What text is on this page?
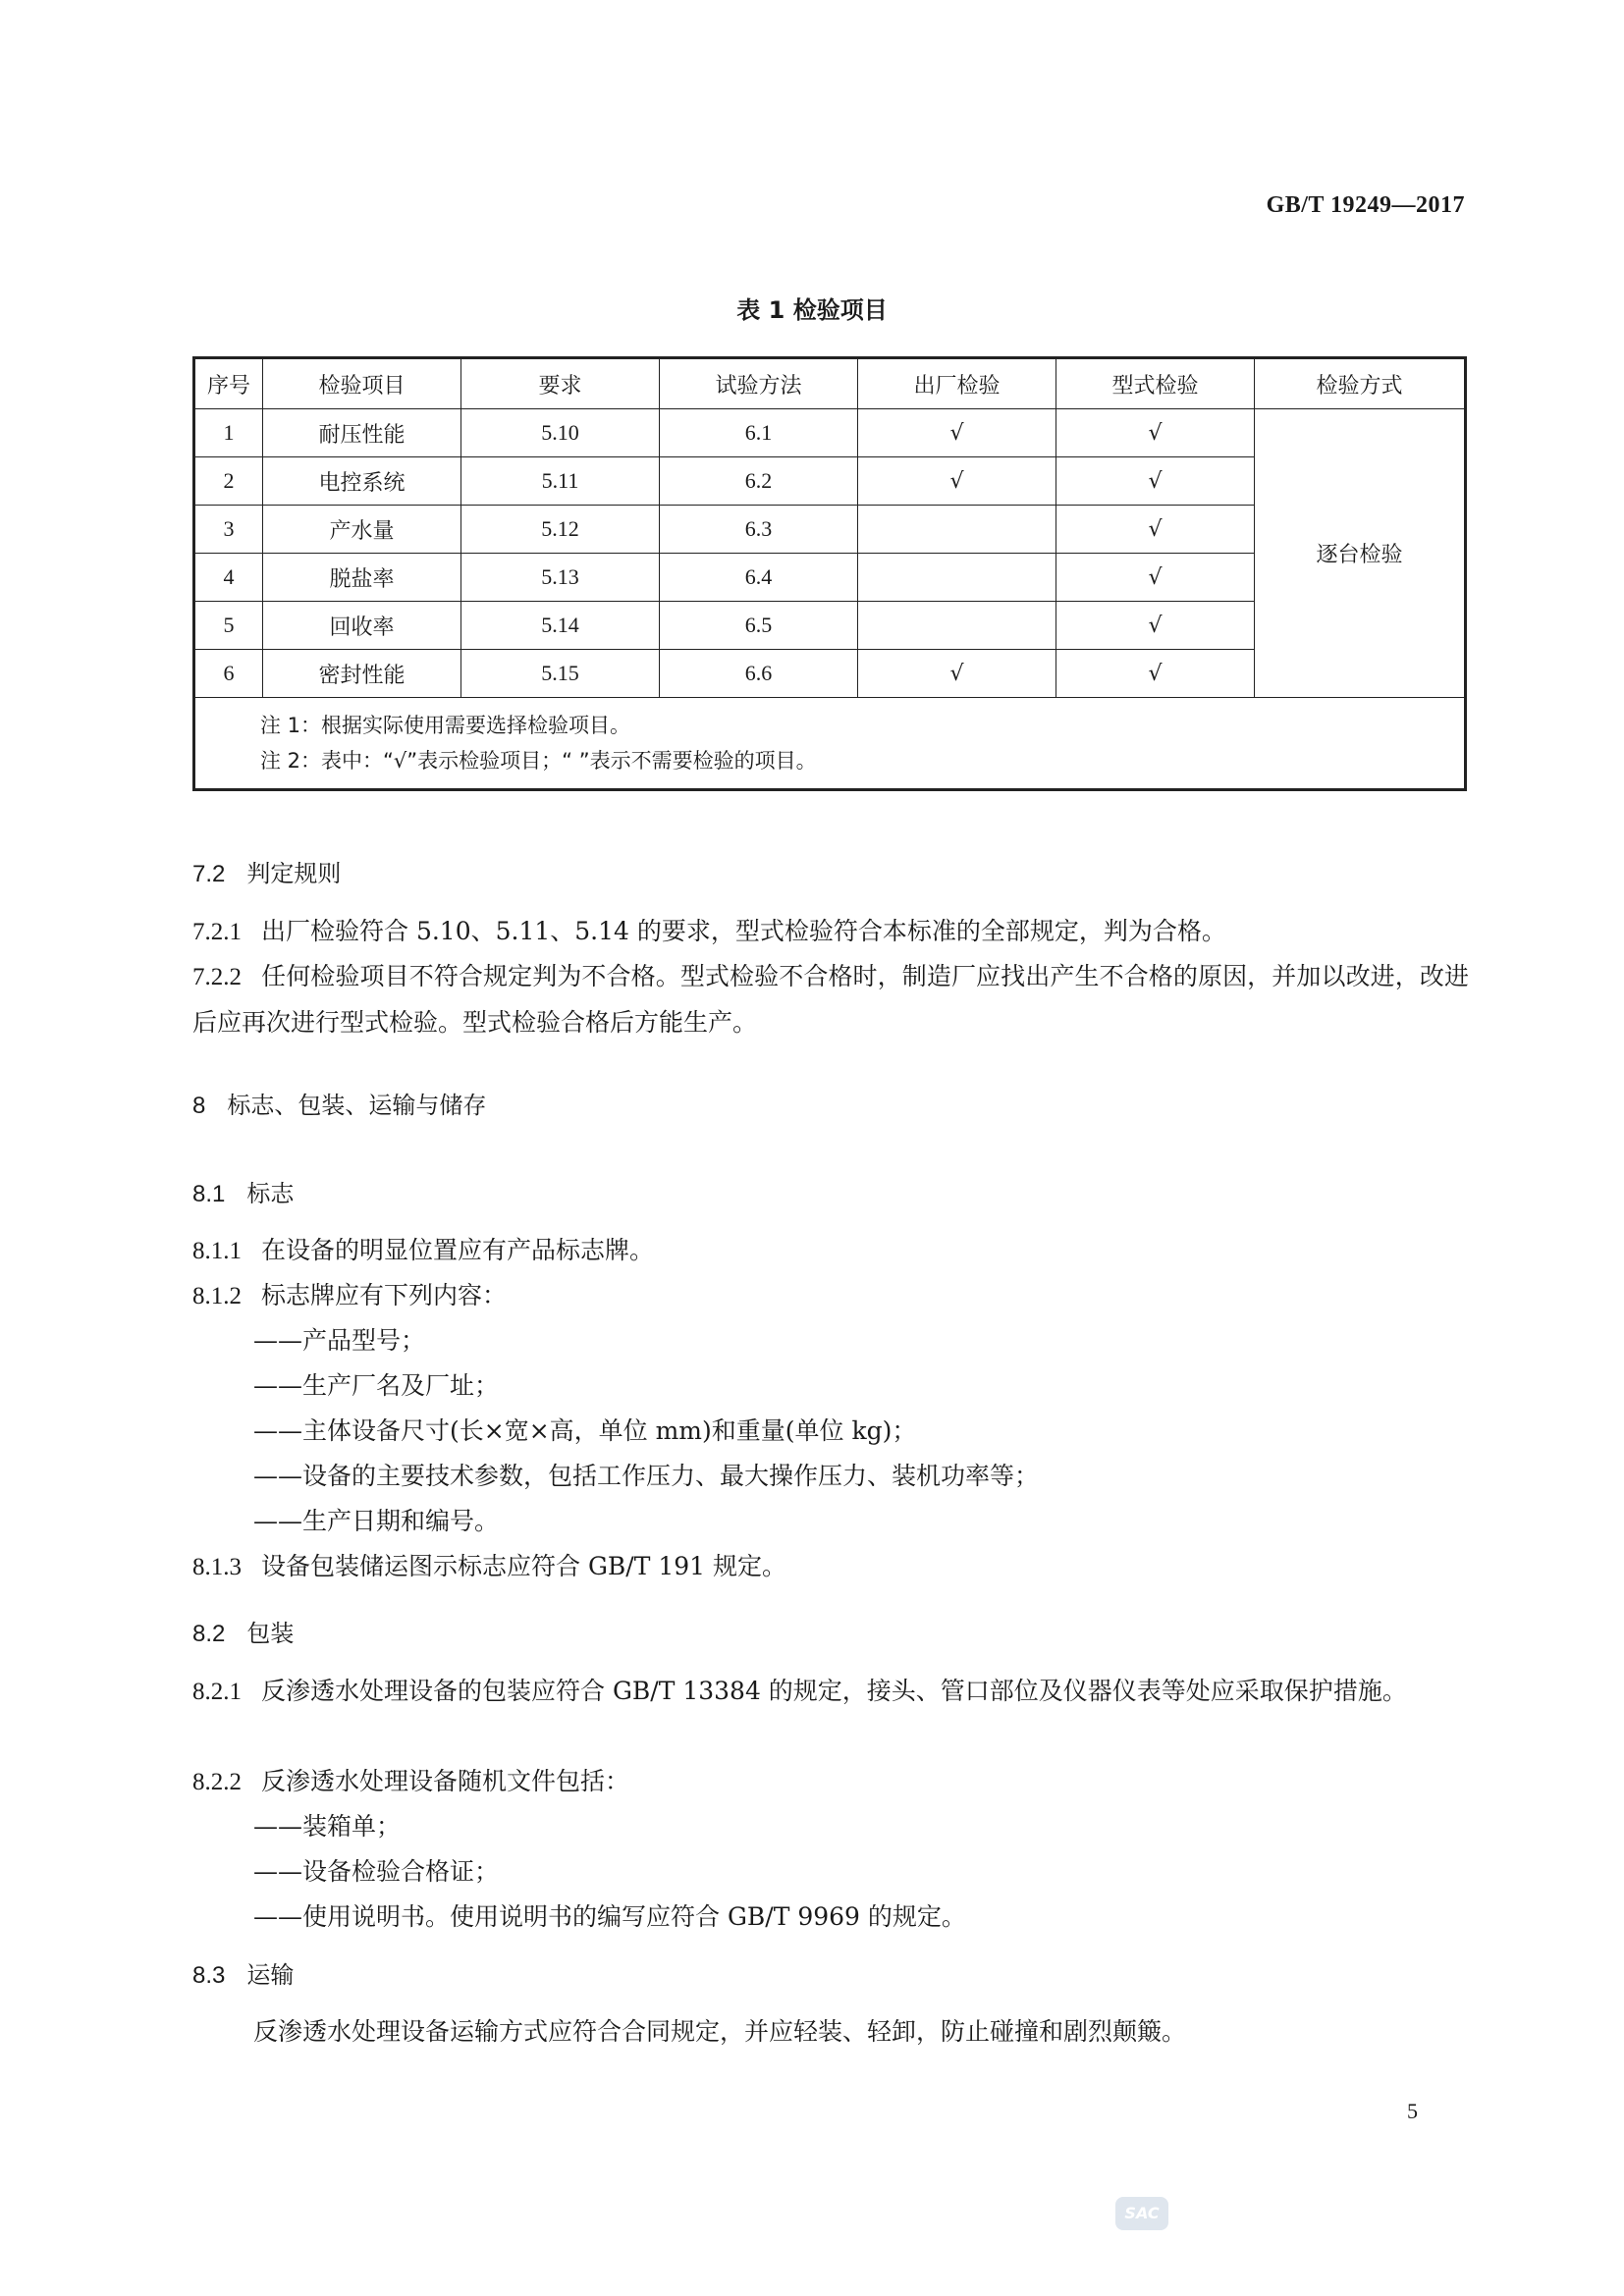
GB/T 19249—2017
表 1 检验项目
序号	检验项目	要求	试验方法	出厂检验	型式检验	检验方式
1	耐压性能	5.10	6.1	√	√	逐台检验
2	电控系统	5.11	6.2	√	√	
3	产水量	5.12	6.3		√	
4	脱盐率	5.13	6.4		√	
5	回收率	5.14	6.5		√	
6	密封性能	5.15	6.6	√	√	

注 1：根据实际使用需要选择检验项目。
注 2：表中：“√”表示检验项目；“ ”表示不需要检验的项目。						
7.2 判定规则
7.2.1 出厂检验符合 5.10、5.11、5.14 的要求，型式检验符合本标准的全部规定，判为合格。
7.2.2 任何检验项目不符合规定判为不合格。型式检验不合格时，制造厂应找出产生不合格的原因，并加以改进，改进后应再次进行型式检验。型式检验合格后方能生产。
8 标志、包装、运输与储存
8.1 标志
8.1.1 在设备的明显位置应有产品标志牌。
8.1.2 标志牌应有下列内容：
—— 产品型号；
—— 生产厂名及厂址；
—— 主体设备尺寸(长×宽×高，单位 mm)和重量(单位 kg)；
—— 设备的主要技术参数，包括工作压力、最大操作压力、装机功率等；
—— 生产日期和编号。
8.1.3 设备包装储运图示标志应符合 GB/T 191 规定。
8.2 包装
8.2.1 反渗透水处理设备的包装应符合 GB/T 13384 的规定，接头、管口部位及仪器仪表等处应采取保护措施。
8.2.2 反渗透水处理设备随机文件包括：
—— 装箱单；
—— 设备检验合格证；
—— 使用说明书。使用说明书的编写应符合 GB/T 9969 的规定。
8.3 运输
反渗透水处理设备运输方式应符合合同规定，并应轻装、轻卸，防止碰撞和剧烈颠簸。
5
SAC
